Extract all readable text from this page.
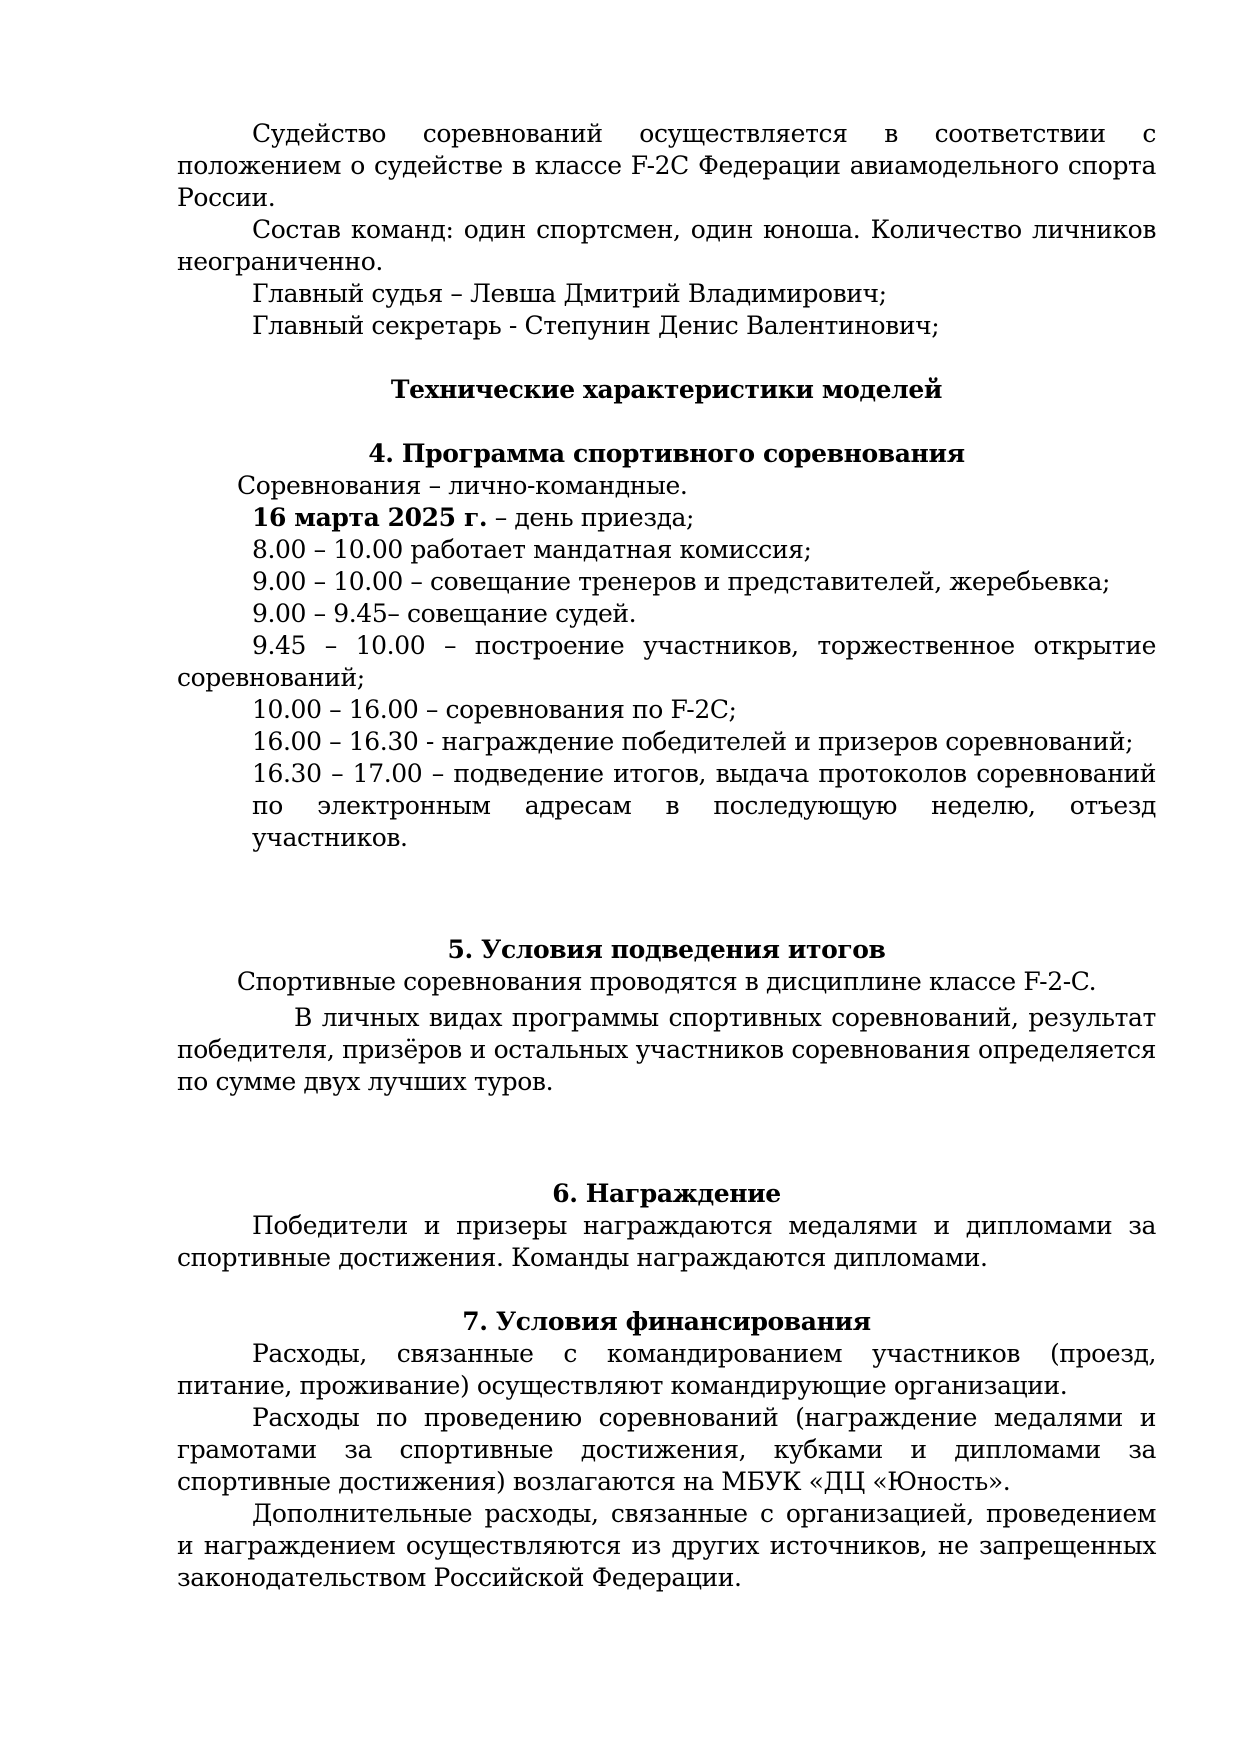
Судейство соревнований осуществляется в соответствии с положением о судействе в классе F-2C Федерации авиамодельного спорта России.

Состав команд: один спортсмен, один юноша. Количество личников неограниченно.

Главный судья – Левша Дмитрий Владимирович;

Главный секретарь - Степунин Денис Валентинович;

Технические характеристики моделей

4. Программа спортивного соревнования

Соревнования – лично-командные.

16 марта 2025 г. – день приезда;

8.00 – 10.00 работает мандатная комиссия;

9.00 – 10.00 – совещание тренеров и представителей, жеребьевка;

9.00 – 9.45– совещание судей.

9.45 – 10.00 – построение участников, торжественное открытие соревнований;

10.00 – 16.00 – соревнования по F-2C;

16.00 – 16.30 - награждение победителей и призеров соревнований;

16.30 – 17.00 – подведение итогов, выдача протоколов соревнований по электронным адресам в последующую неделю, отъезд участников.

5. Условия подведения итогов

Спортивные соревнования проводятся в дисциплине классе F-2-C.

В личных видах программы спортивных соревнований, результат победителя, призёров и остальных участников соревнования определяется по сумме двух лучших туров.

6. Награждение

Победители и призеры награждаются медалями и дипломами за спортивные достижения. Команды награждаются дипломами.

7. Условия финансирования

Расходы, связанные с командированием участников (проезд, питание, проживание) осуществляют командирующие организации.

Расходы по проведению соревнований (награждение медалями и грамотами за спортивные достижения, кубками и дипломами за спортивные достижения) возлагаются на МБУК «ДЦ «Юность».

Дополнительные расходы, связанные с организацией, проведением и награждением осуществляются из других источников, не запрещенных законодательством Российской Федерации.
